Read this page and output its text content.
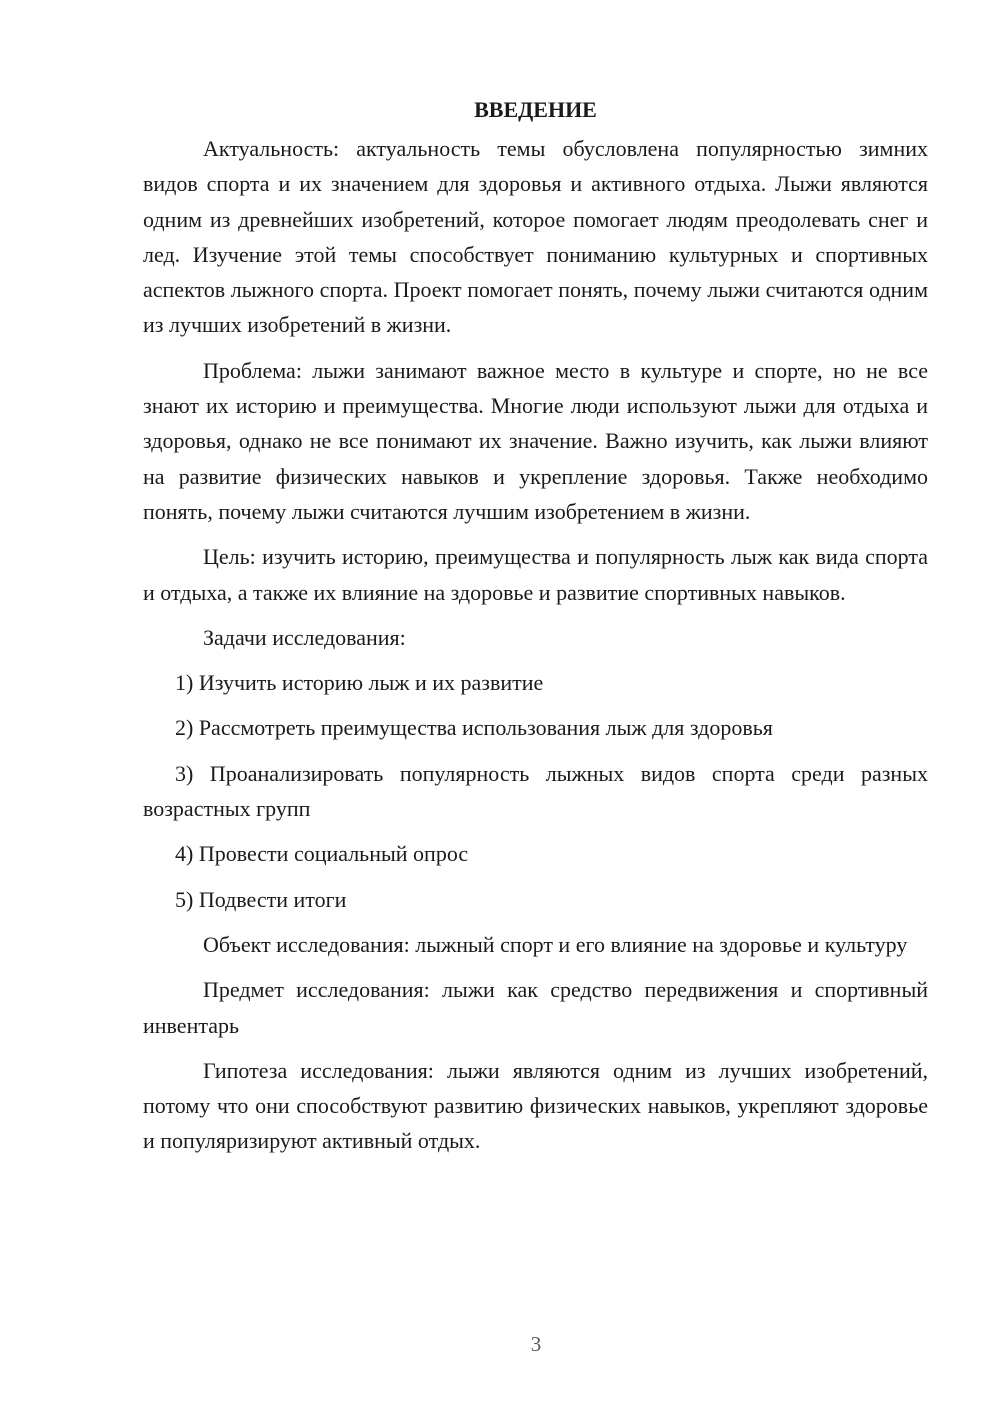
ВВЕДЕНИЕ

Актуальность: актуальность темы обусловлена популярностью зимних видов спорта и их значением для здоровья и активного отдыха. Лыжи являются одним из древнейших изобретений, которое помогает людям преодолевать снег и лед. Изучение этой темы способствует пониманию культурных и спортивных аспектов лыжного спорта. Проект помогает понять, почему лыжи считаются одним из лучших изобретений в жизни.

Проблема: лыжи занимают важное место в культуре и спорте, но не все знают их историю и преимущества. Многие люди используют лыжи для отдыха и здоровья, однако не все понимают их значение. Важно изучить, как лыжи влияют на развитие физических навыков и укрепление здоровья. Также необходимо понять, почему лыжи считаются лучшим изобретением в жизни.

Цель: изучить историю, преимущества и популярность лыж как вида спорта и отдыха, а также их влияние на здоровье и развитие спортивных навыков.

Задачи исследования:

1) Изучить историю лыж и их развитие

2) Рассмотреть преимущества использования лыж для здоровья

3) Проанализировать популярность лыжных видов спорта среди разных возрастных групп

4) Провести социальный опрос

5) Подвести итоги

Объект исследования: лыжный спорт и его влияние на здоровье и культуру

Предмет исследования: лыжи как средство передвижения и спортивный инвентарь

Гипотеза исследования: лыжи являются одним из лучших изобретений, потому что они способствуют развитию физических навыков, укрепляют здоровье и популяризируют активный отдых.

3
